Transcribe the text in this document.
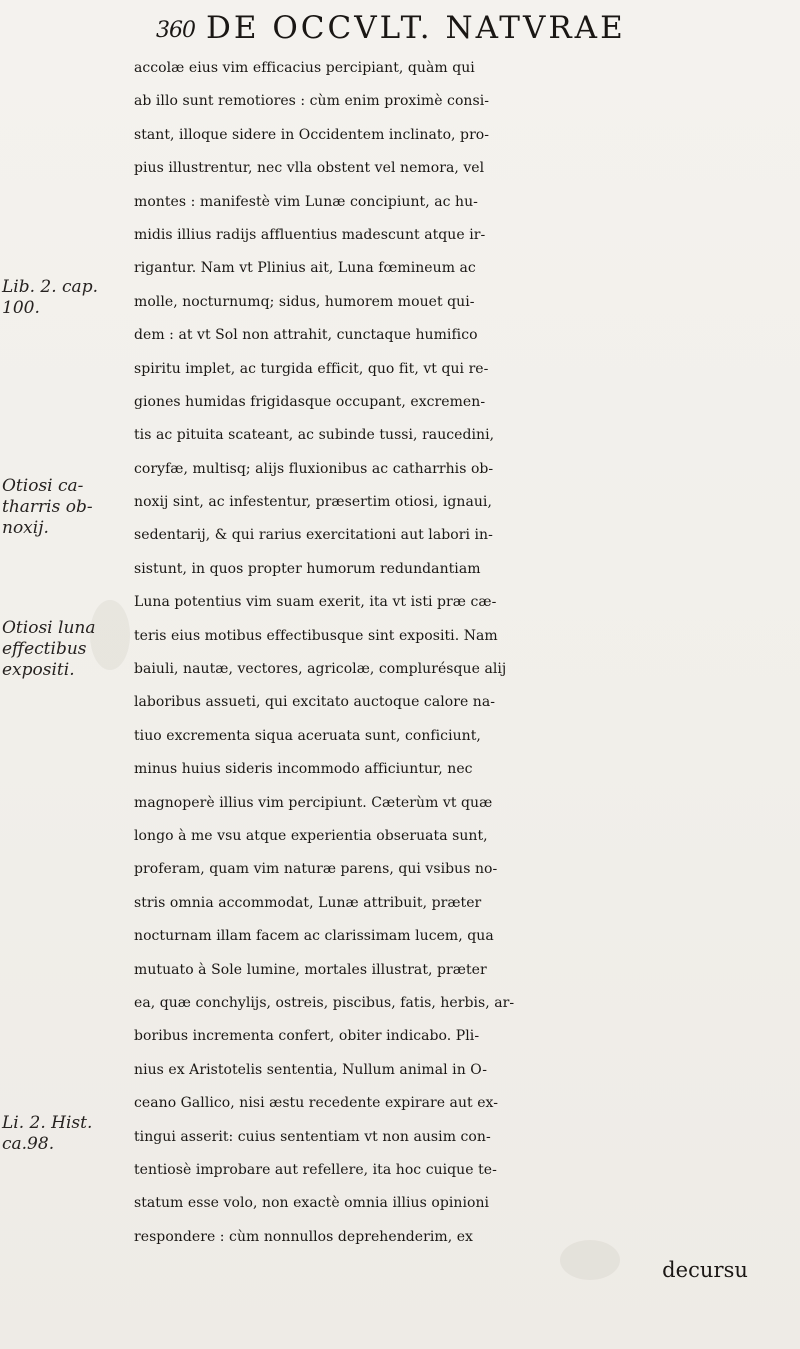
360 DE OCCVLT. NATVRAE
Lib. 2. cap.
100.
Otiosi ca-
tharris ob-
noxij.
Otiosi luna
effectibus
expositi.
Li. 2. Hist.
ca.98.
accolæ eius vim efficacius percipiant, quàm qui
ab illo sunt remotiores : cùm enim proximè consi-
stant, illoque sidere in Occidentem inclinato, pro-
pius illustrentur, nec vlla obstent vel nemora, vel
montes : manifestè vim Lunæ concipiunt, ac hu-
midis illius radijs affluentius madescunt atque ir-
rigantur. Nam vt Plinius ait, Luna fœmineum ac
molle, nocturnumq; sidus, humorem mouet qui-
dem : at vt Sol non attrahit, cunctaque humifico
spiritu implet, ac turgida efficit, quo fit, vt qui re-
giones humidas frigidasque occupant, excremen-
tis ac pituita scateant, ac subinde tussi, raucedini,
coryfæ, multisq; alijs fluxionibus ac catharrhis ob-
noxij sint, ac infestentur, præsertim otiosi, ignaui,
sedentarij, & qui rarius exercitationi aut labori in-
sistunt, in quos propter humorum redundantiam
Luna potentius vim suam exerit, ita vt isti præ cæ-
teris eius motibus effectibusque sint expositi. Nam
baiuli, nautæ, vectores, agricolæ, complurésque alij
laboribus assueti, qui excitato auctoque calore na-
tiuo excrementa siqua aceruata sunt, conficiunt,
minus huius sideris incommodo afficiuntur, nec
magnoperè illius vim percipiunt. Cæterùm vt quæ
longo à me vsu atque experientia obseruata sunt,
proferam, quam vim naturæ parens, qui vsibus no-
stris omnia accommodat, Lunæ attribuit, præter
nocturnam illam facem ac clarissimam lucem, qua
mutuato à Sole lumine, mortales illustrat, præter
ea, quæ conchylijs, ostreis, piscibus, fatis, herbis, ar-
boribus incrementa confert, obiter indicabo. Pli-
nius ex Aristotelis sententia, Nullum animal in O-
ceano Gallico, nisi æstu recedente expirare aut ex-
tingui asserit: cuius sententiam vt non ausim con-
tentiosè improbare aut refellere, ita hoc cuique te-
statum esse volo, non exactè omnia illius opinioni
respondere : cùm nonnullos deprehenderim, ex
decursu
